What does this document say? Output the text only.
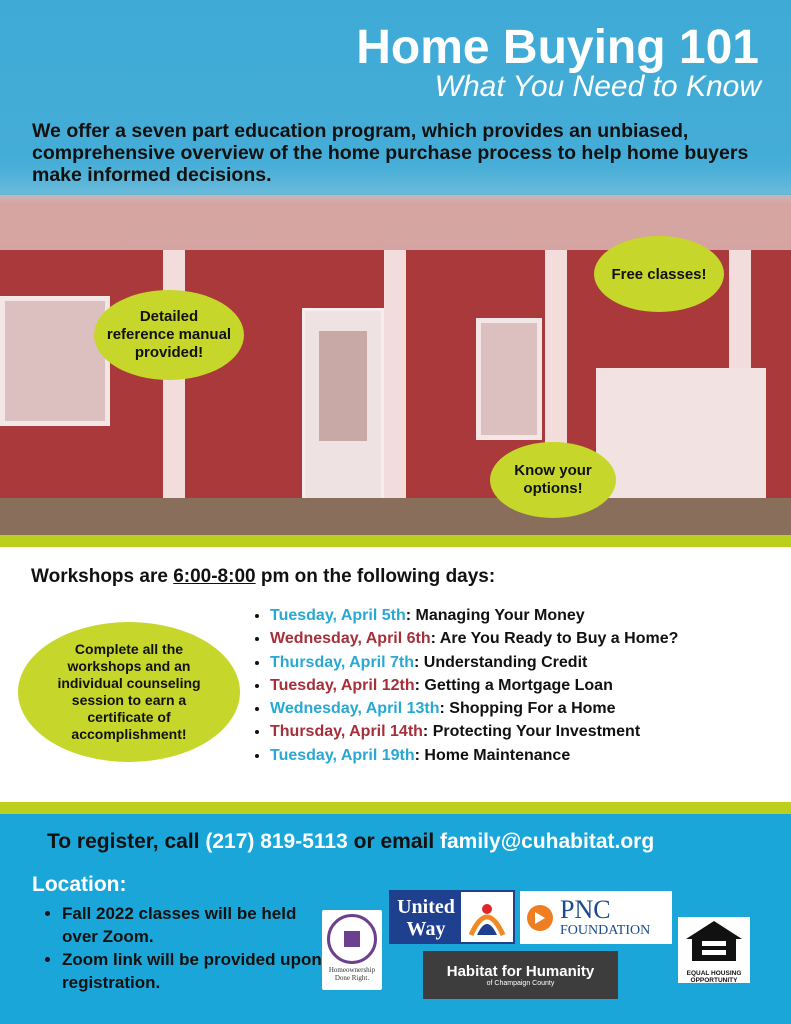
206
Home Buying 101
What You Need to Know

We offer a seven part education program, which provides an unbiased, comprehensive overview of the home purchase process to help home buyers make informed decisions.

Detailed reference manual provided!
Free classes!
Know your options!
Workshops are 6:00-8:00 pm on the following days:
Complete all the workshops and an individual counseling session to earn a certificate of accomplishment!
• Tuesday, April 5th: Managing Your Money
• Wednesday, April 6th: Are You Ready to Buy a Home?
• Thursday, April 7th: Understanding Credit
• Tuesday, April 12th: Getting a Mortgage Loan
• Wednesday, April 13th: Shopping For a Home
• Thursday, April 14th: Protecting Your Investment
• Tuesday, April 19th: Home Maintenance
To register, call (217) 819-5113 or email family@cuhabitat.org
Location:
• Fall 2022 classes will be held over Zoom.
• Zoom link will be provided upon registration.
Homeownership Done Right.
United Way
PNC
FOUNDATION
Habitat for Humanity
of Champaign County
EQUAL HOUSING OPPORTUNITY
